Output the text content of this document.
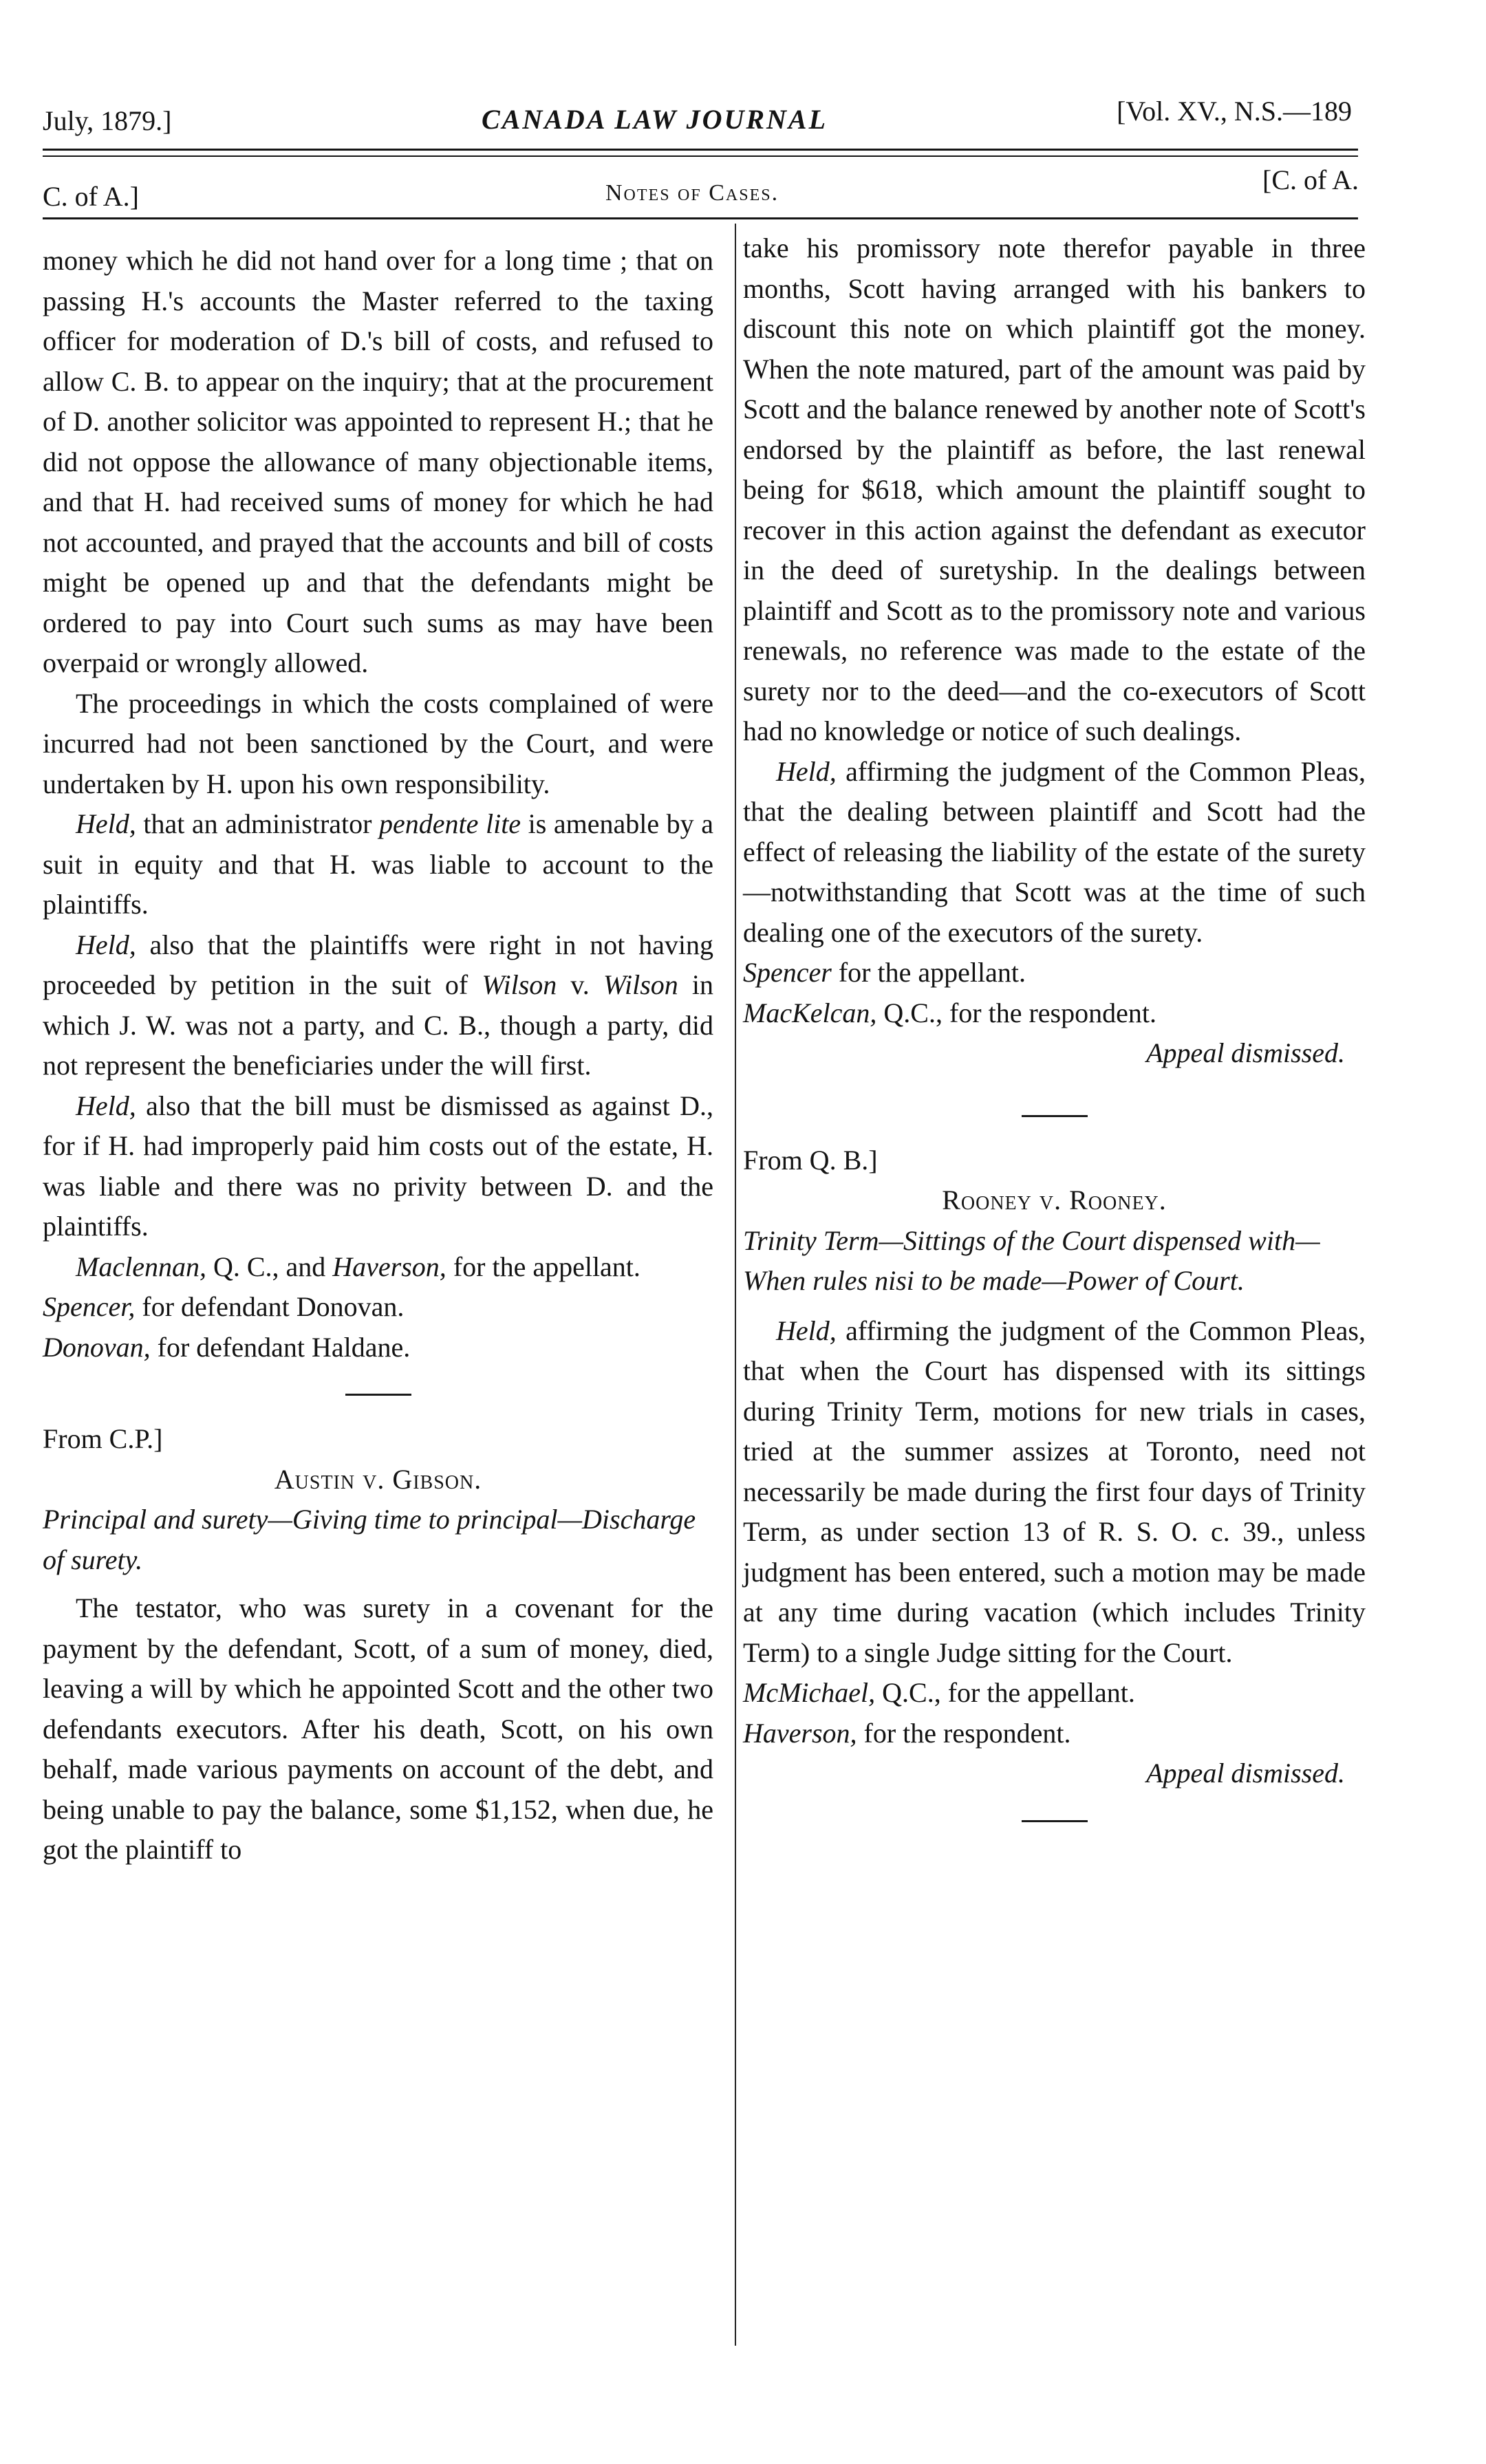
July, 1879.]	CANADA LAW JOURNAL	[Vol. XV., N.S.—189
C. of A.]	Notes of Cases.	[C. of A.

money which he did not hand over for a long time ; that on passing H.'s accounts the Master referred to the taxing officer for moderation of D.'s bill of costs, and refused to allow C. B. to appear on the inquiry; that at the procurement of D. another solicitor was appointed to represent H.; that he did not oppose the allowance of many objectionable items, and that H. had received sums of money for which he had not accounted, and prayed that the accounts and bill of costs might be opened up and that the defendants might be ordered to pay into Court such sums as may have been overpaid or wrongly allowed.

The proceedings in which the costs complained of were incurred had not been sanctioned by the Court, and were undertaken by H. upon his own responsibility.

Held, that an administrator pendente lite is amenable by a suit in equity and that H. was liable to account to the plaintiffs.

Held, also that the plaintiffs were right in not having proceeded by petition in the suit of Wilson v. Wilson in which J. W. was not a party, and C. B., though a party, did not represent the beneficiaries under the will first.

Held, also that the bill must be dismissed as against D., for if H. had improperly paid him costs out of the estate, H. was liable and there was no privity between D. and the plaintiffs.

Maclennan, Q. C., and Haverson, for the appellant.

Spencer, for defendant Donovan.

Donovan, for defendant Haldane.

From C.P.]

Austin v. Gibson.

Principal and surety—Giving time to principal—Discharge of surety.

The testator, who was surety in a covenant for the payment by the defendant, Scott, of a sum of money, died, leaving a will by which he appointed Scott and the other two defendants executors. After his death, Scott, on his own behalf, made various payments on account of the debt, and being unable to pay the balance, some $1,152, when due, he got the plaintiff to

take his promissory note therefor payable in three months, Scott having arranged with his bankers to discount this note on which plaintiff got the money. When the note matured, part of the amount was paid by Scott and the balance renewed by another note of Scott's endorsed by the plaintiff as before, the last renewal being for $618, which amount the plaintiff sought to recover in this action against the defendant as executor in the deed of suretyship. In the dealings between plaintiff and Scott as to the promissory note and various renewals, no reference was made to the estate of the surety nor to the deed—and the co-executors of Scott had no knowledge or notice of such dealings.

Held, affirming the judgment of the Common Pleas, that the dealing between plaintiff and Scott had the effect of releasing the liability of the estate of the surety—notwithstanding that Scott was at the time of such dealing one of the executors of the surety.

Spencer for the appellant.

MacKelcan, Q.C., for the respondent.

Appeal dismissed.

From Q. B.]

Rooney v. Rooney.

Trinity Term—Sittings of the Court dispensed with—When rules nisi to be made—Power of Court.

Held, affirming the judgment of the Common Pleas, that when the Court has dispensed with its sittings during Trinity Term, motions for new trials in cases, tried at the summer assizes at Toronto, need not necessarily be made during the first four days of Trinity Term, as under section 13 of R. S. O. c. 39., unless judgment has been entered, such a motion may be made at any time during vacation (which includes Trinity Term) to a single Judge sitting for the Court.

McMichael, Q.C., for the appellant.

Haverson, for the respondent.

Appeal dismissed.
